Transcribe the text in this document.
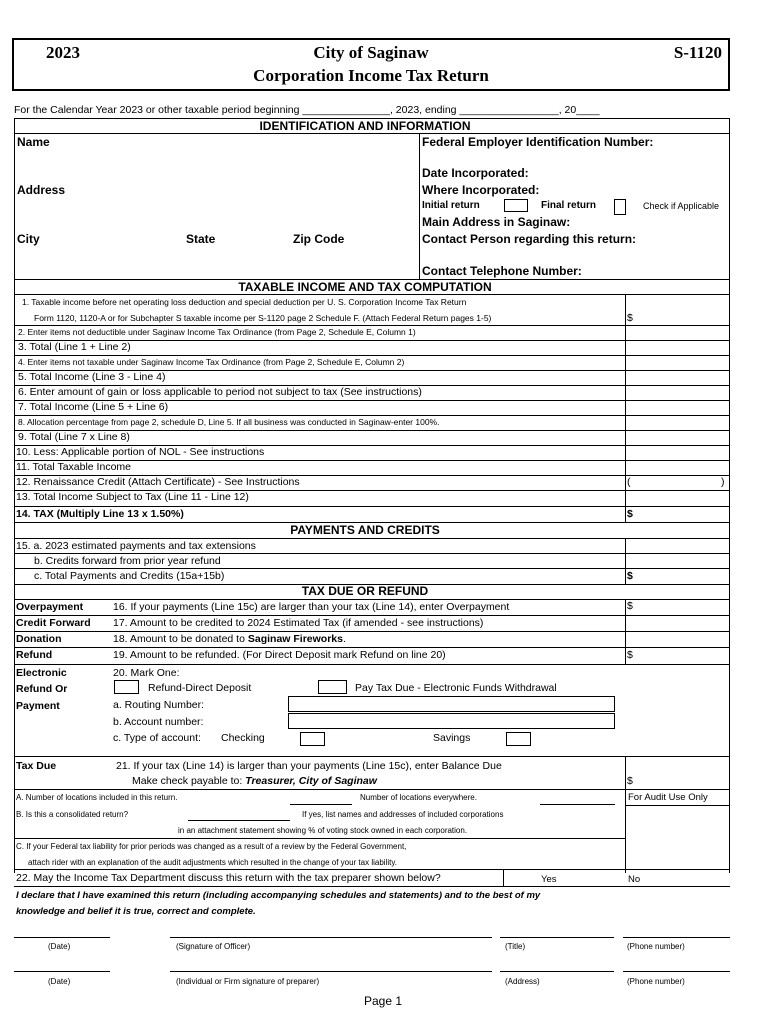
2023	City of Saginaw
Corporation Income Tax Return
S-1120
For the Calendar Year 2023 or other taxable period beginning _______________, 2023, ending _________________, 20____
IDENTIFICATION AND INFORMATION
Name
Address
City	State	Zip Code
Federal Employer Identification Number:
Date Incorporated:
Where Incorporated:
Initial return	Final return	Check if Applicable
Main Address in Saginaw:
Contact Person regarding this return:
Contact Telephone Number:
TAXABLE INCOME AND TAX COMPUTATION
1. Taxable income before net operating loss deduction and special deduction per U. S. Corporation Income Tax Return
Form 1120, 1120-A or for Subchapter S taxable income per S-1120 page 2 Schedule F. (Attach Federal Return pages 1-5)	$
2. Enter items not deductible under Saginaw Income Tax Ordinance (from Page 2, Schedule E, Column 1)
3. Total (Line 1 + Line 2)
4. Enter items not taxable under Saginaw Income Tax Ordinance (from Page 2, Schedule E, Column 2)
5. Total Income (Line 3 - Line 4)
6. Enter amount of gain or loss applicable to period not subject to tax (See instructions)
7. Total Income (Line 5 + Line 6)
8. Allocation percentage from page 2, schedule D, Line 5. If all business was conducted in Saginaw-enter 100%.
9. Total (Line 7 x Line 8)
10. Less: Applicable portion of NOL - See instructions
11. Total Taxable Income
12. Renaissance Credit (Attach Certificate) - See Instructions	(	)
13. Total Income Subject to Tax (Line 11 - Line 12)
14. TAX (Multiply Line 13 x 1.50%)	$
PAYMENTS AND CREDITS
15. a. 2023 estimated payments and tax extensions
b. Credits forward from prior year refund
c. Total Payments and Credits (15a+15b)	$
TAX DUE OR REFUND
Overpayment	16. If your payments (Line 15c) are larger than your tax (Line 14), enter Overpayment	$
Credit Forward 17. Amount to be credited to 2024 Estimated Tax (if amended - see instructions)
Donation	18. Amount to be donated to Saginaw Fireworks.
Refund	19. Amount to be refunded. (For Direct Deposit mark Refund on line 20)	$
Electronic
Refund Or
Payment
20. Mark One:
Refund-Direct Deposit	Pay Tax Due - Electronic Funds Withdrawal
a. Routing Number:
b. Account number:
c. Type of account: Checking	Savings
Tax Due	21. If your tax (Line 14) is larger than your payments (Line 15c), enter Balance Due
Make check payable to: Treasurer, City of Saginaw	$
A. Number of locations included in this return.	Number of locations everywhere.	For Audit Use Only
B. Is this a consolidated return?	If yes, list names and addresses of included corporations
in an attachment statement showing % of voting stock owned in each corporation.
C. If your Federal tax liability for prior periods was changed as a result of a review by the Federal Government,
attach rider with an explanation of the audit adjustments which resulted in the change of your tax liability.
22. May the Income Tax Department discuss this return with the tax preparer shown below?	Yes	No
I declare that I have examined this return (including accompanying schedules and statements) and to the best of my
knowledge and belief it is true, correct and complete.
(Date)	(Signature of Officer)	(Title)	(Phone number)
(Date)	(Individual or Firm signature of preparer)	(Address)	(Phone number)
Page 1
